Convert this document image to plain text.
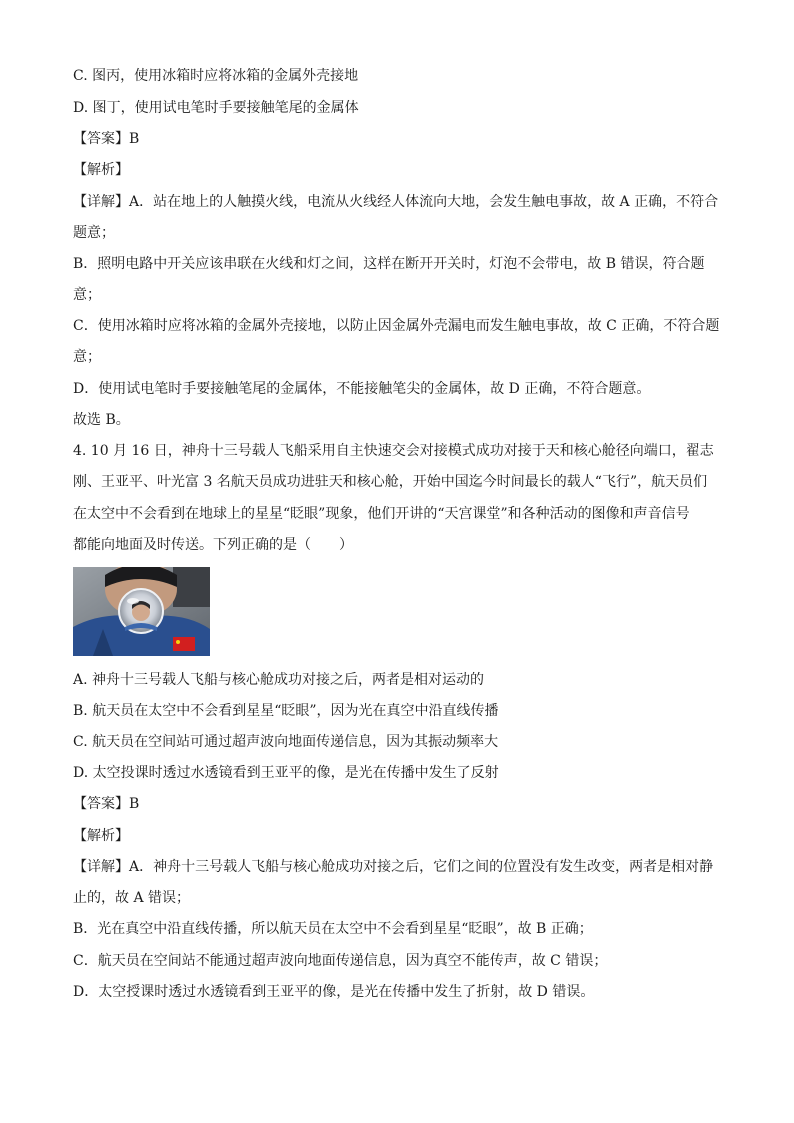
C. 图丙，使用冰箱时应将冰箱的金属外壳接地
D. 图丁，使用试电笔时手要接触笔尾的金属体
【答案】B
【解析】
【详解】A．站在地上的人触摸火线，电流从火线经人体流向大地，会发生触电事故，故 A 正确，不符合
题意；
B．照明电路中开关应该串联在火线和灯之间，这样在断开开关时，灯泡不会带电，故 B 错误，符合题
意；
C．使用冰箱时应将冰箱的金属外壳接地，以防止因金属外壳漏电而发生触电事故，故 C 正确，不符合题
意；
D．使用试电笔时手要接触笔尾的金属体，不能接触笔尖的金属体，故 D 正确，不符合题意。
故选 B。
4. 10 月 16 日，神舟十三号载人飞船采用自主快速交会对接模式成功对接于天和核心舱径向端口，翟志
刚、王亚平、叶光富 3 名航天员成功进驻天和核心舱，开始中国迄今时间最长的载人“飞行”，航天员们
在太空中不会看到在地球上的星星“眨眼”现象，他们开讲的“天宫课堂”和各种活动的图像和声音信号
都能向地面及时传送。下列正确的是（　　）
A. 神舟十三号载人飞船与核心舱成功对接之后，两者是相对运动的
B. 航天员在太空中不会看到星星“眨眼”，因为光在真空中沿直线传播
C. 航天员在空间站可通过超声波向地面传递信息，因为其振动频率大
D. 太空投课时透过水透镜看到王亚平的像，是光在传播中发生了反射
【答案】B
【解析】
【详解】A．神舟十三号载人飞船与核心舱成功对接之后，它们之间的位置没有发生改变，两者是相对静
止的，故 A 错误；
B．光在真空中沿直线传播，所以航天员在太空中不会看到星星“眨眼”，故 B 正确；
C．航天员在空间站不能通过超声波向地面传递信息，因为真空不能传声，故 C 错误；
D．太空授课时透过水透镜看到王亚平的像，是光在传播中发生了折射，故 D 错误。
